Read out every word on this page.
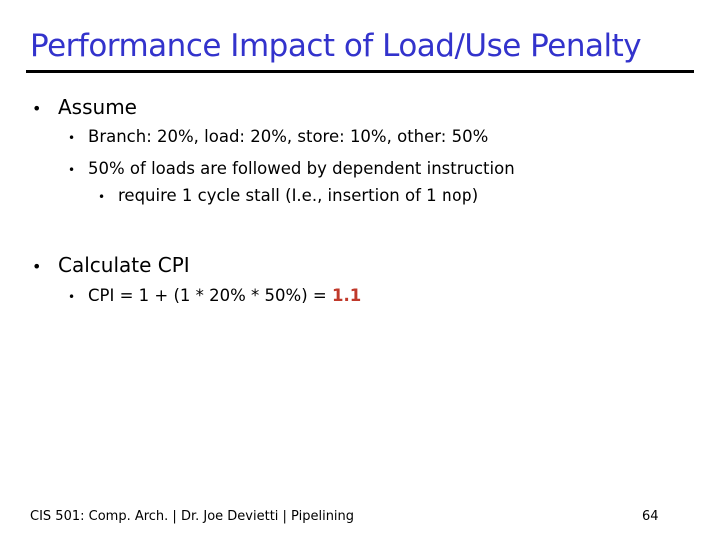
Performance Impact of Load/Use Penalty
• Assume
• Branch: 20%, load: 20%, store: 10%, other: 50%
• 50% of loads are followed by dependent instruction
• require 1 cycle stall (I.e., insertion of 1 nop)
• Calculate CPI
• CPI = 1 + (1 * 20% * 50%) = 1.1
CIS 501: Comp. Arch. | Dr. Joe Devietti | Pipelining	64
